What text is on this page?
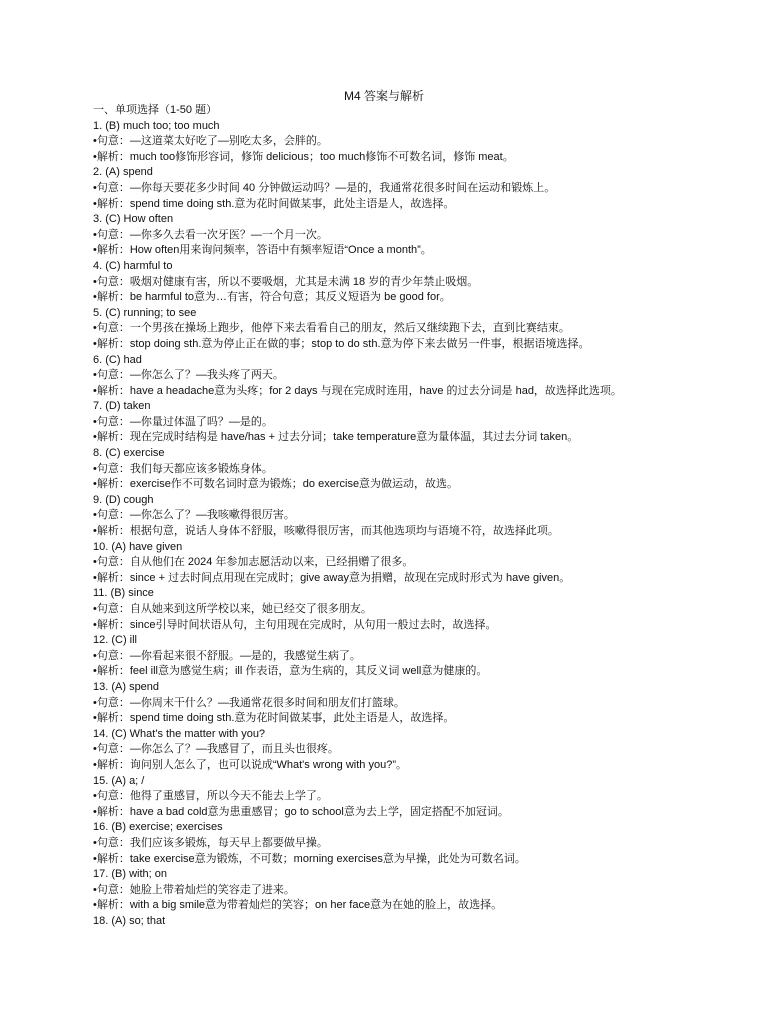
M4 答案与解析
一、单项选择（1-50 题）
1. (B) much too; too much
•句意：—这道菜太好吃了—别吃太多，会胖的。
•解析：much too修饰形容词，修饰 delicious；too much修饰不可数名词，修饰 meat。
2. (A) spend
•句意：—你每天要花多少时间 40 分钟做运动吗？—是的，我通常花很多时间在运动和锻炼上。
•解析：spend time doing sth.意为花时间做某事，此处主语是人，故选择。
3. (C) How often
•句意：—你多久去看一次牙医？—一个月一次。
•解析：How often用来询问频率，答语中有频率短语“Once a month”。
4. (C) harmful to
•句意：吸烟对健康有害，所以不要吸烟，尤其是未满 18 岁的青少年禁止吸烟。
•解析：be harmful to意为…有害，符合句意；其反义短语为 be good for。
5. (C) running; to see
•句意：一个男孩在操场上跑步，他停下来去看看自己的朋友，然后又继续跑下去，直到比赛结束。
•解析：stop doing sth.意为停止正在做的事；stop to do sth.意为停下来去做另一件事，根据语境选择。
6. (C) had
•句意：—你怎么了？—我头疼了两天。
•解析：have a headache意为头疼；for 2 days 与现在完成时连用，have 的过去分词是 had，故选择此选项。
7. (D) taken
•句意：—你量过体温了吗？—是的。
•解析：现在完成时结构是 have/has + 过去分词；take temperature意为量体温，其过去分词 taken。
8. (C) exercise
•句意：我们每天都应该多锻炼身体。
•解析：exercise作不可数名词时意为锻炼；do exercise意为做运动，故选。
9. (D) cough
•句意：—你怎么了？—我咳嗽得很厉害。
•解析：根据句意，说话人身体不舒服，咳嗽得很厉害，而其他选项均与语境不符，故选择此项。
10. (A) have given
•句意：自从他们在 2024 年参加志愿活动以来，已经捐赠了很多。
•解析：since + 过去时间点用现在完成时；give away意为捐赠，故现在完成时形式为 have given。
11. (B) since
•句意：自从她来到这所学校以来，她已经交了很多朋友。
•解析：since引导时间状语从句，主句用现在完成时，从句用一般过去时，故选择。
12. (C) ill
•句意：—你看起来很不舒服。—是的，我感觉生病了。
•解析：feel ill意为感觉生病；ill 作表语，意为生病的，其反义词 well意为健康的。
13. (A) spend
•句意：—你周末干什么？—我通常花很多时间和朋友们打篮球。
•解析：spend time doing sth.意为花时间做某事，此处主语是人，故选择。
14. (C) What's the matter with you?
•句意：—你怎么了？—我感冒了，而且头也很疼。
•解析：询问别人怎么了，也可以说成“What's wrong with you?”。
15. (A) a; /
•句意：他得了重感冒，所以今天不能去上学了。
•解析：have a bad cold意为患重感冒；go to school意为去上学，固定搭配不加冠词。
16. (B) exercise; exercises
•句意：我们应该多锻炼，每天早上都要做早操。
•解析：take exercise意为锻炼，不可数；morning exercises意为早操，此处为可数名词。
17. (B) with; on
•句意：她脸上带着灿烂的笑容走了进来。
•解析：with a big smile意为带着灿烂的笑容；on her face意为在她的脸上，故选择。
18. (A) so; that
